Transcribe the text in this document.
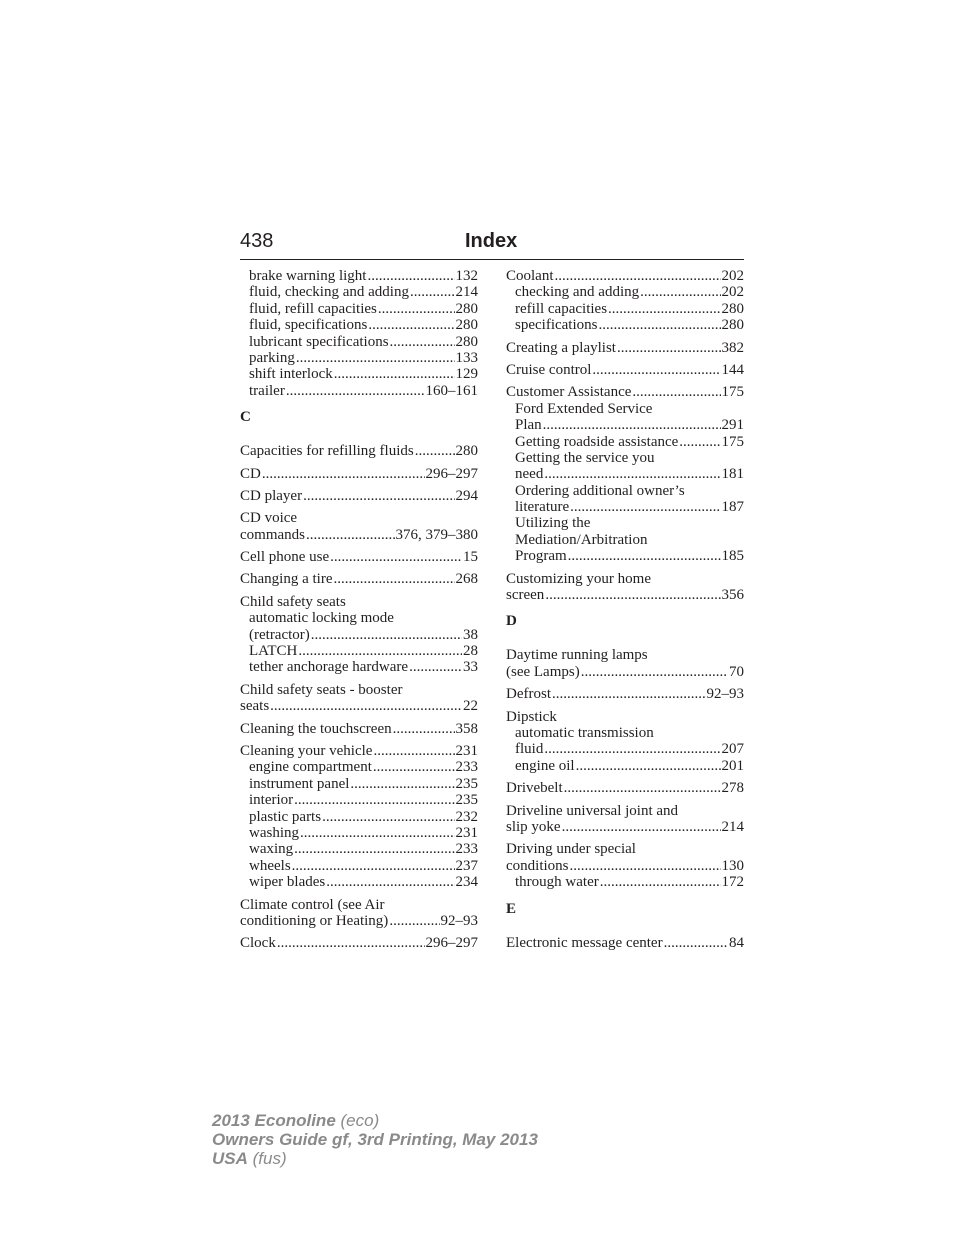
438	Index
brake warning light .....	132
fluid, checking and adding .....	214
fluid, refill capacities .....	280
fluid, specifications .....	280
lubricant specifications .....	280
parking .....	133
shift interlock .....	129
trailer .....	160–161
C
Capacities for refilling fluids .....	280
CD .....	296–297
CD player .....	294
CD voice
commands .....	376, 379–380
Cell phone use .....	15
Changing a tire .....	268
Child safety seats
automatic locking mode
(retractor) .....	38
LATCH .....	28
tether anchorage hardware .....	33
Child safety seats - booster
seats .....	22
Cleaning the touchscreen .....	358
Cleaning your vehicle .....	231
engine compartment .....	233
instrument panel .....	235
interior .....	235
plastic parts .....	232
washing .....	231
waxing .....	233
wheels .....	237
wiper blades .....	234
Climate control (see Air
conditioning or Heating) .....	92–93
Clock .....	296–297
Coolant .....	202
checking and adding .....	202
refill capacities .....	280
specifications .....	280
Creating a playlist .....	382
Cruise control .....	144
Customer Assistance .....	175
Ford Extended Service
Plan .....	291
Getting roadside assistance .....	175
Getting the service you
need .....	181
Ordering additional owner’s
literature .....	187
Utilizing the
Mediation/Arbitration
Program .....	185
Customizing your home
screen .....	356
D
Daytime running lamps
(see Lamps) .....	70
Defrost .....	92–93
Dipstick
automatic transmission
fluid .....	207
engine oil .....	201
Drivebelt .....	278
Driveline universal joint and
slip yoke .....	214
Driving under special
conditions .....	130
through water .....	172
E
Electronic message center .....	84
2013 Econoline (eco)
Owners Guide gf, 3rd Printing, May 2013
USA (fus)
